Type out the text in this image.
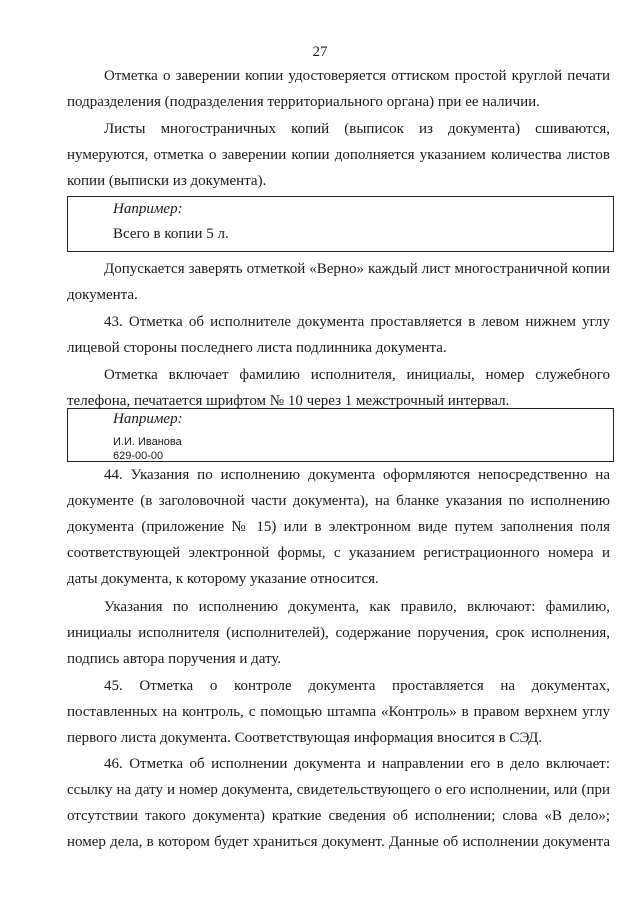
27
Отметка о заверении копии удостоверяется оттиском простой круглой печати
подразделения (подразделения территориального органа) при ее наличии.
Листы многостраничных копий (выписок из документа) сшиваются,
нумеруются, отметка о заверении копии дополняется указанием количества листов
копии (выписки из документа).
Например:
Всего в копии 5 л.
Допускается заверять отметкой «Верно» каждый лист многостраничной копии
документа.
43. Отметка об исполнителе документа проставляется в левом нижнем углу
лицевой стороны последнего листа подлинника документа.
Отметка включает фамилию исполнителя, инициалы, номер служебного
телефона, печатается шрифтом № 10 через 1 межстрочный интервал.
Например:
И.И. Иванова
629-00-00
44. Указания по исполнению документа оформляются непосредственно на
документе (в заголовочной части документа), на бланке указания по исполнению
документа (приложение № 15) или в электронном виде путем заполнения поля
соответствующей электронной формы, с указанием регистрационного номера и
даты документа, к которому указание относится.
Указания по исполнению документа, как правило, включают: фамилию,
инициалы исполнителя (исполнителей), содержание поручения, срок исполнения,
подпись автора поручения и дату.
45. Отметка о контроле документа проставляется на документах,
поставленных на контроль, с помощью штампа «Контроль» в правом верхнем углу
первого листа документа. Соответствующая информация вносится в СЭД.
46. Отметка об исполнении документа и направлении его в дело включает:
ссылку на дату и номер документа, свидетельствующего о его исполнении, или (при
отсутствии такого документа) краткие сведения об исполнении; слова «В дело»;
номер дела, в котором будет храниться документ. Данные об исполнении документа
